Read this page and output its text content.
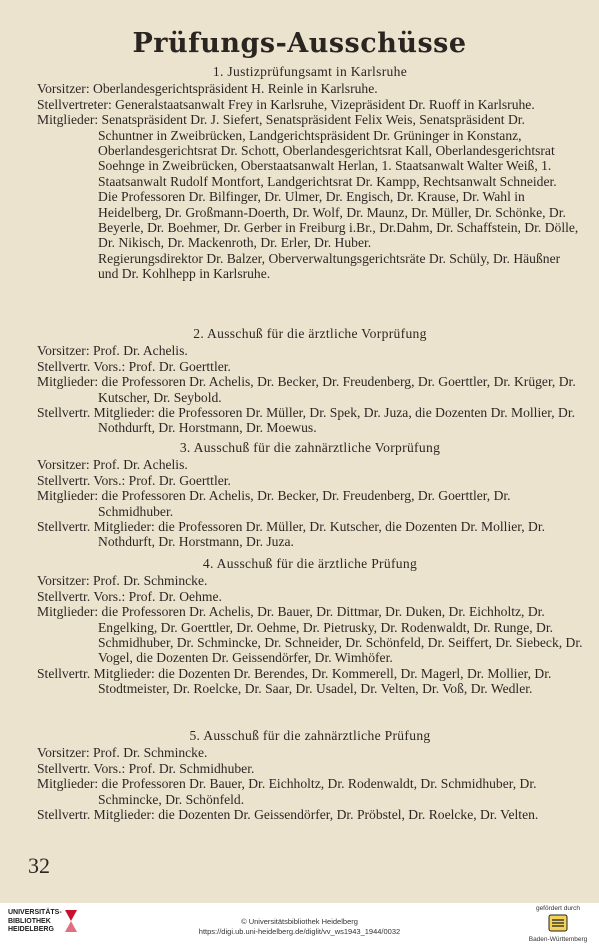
Prüfungs-Ausschüsse
1. Justizprüfungsamt in Karlsruhe

Vorsitzer: Oberlandesgerichtspräsident H. Reinle in Karlsruhe.

Stellvertreter: Generalstaatsanwalt Frey in Karlsruhe, Vizepräsident Dr. Ruoff in Karlsruhe.

Mitglieder: Senatspräsident Dr. J. Siefert, Senatspräsident Felix Weis, Senatspräsident Dr. Schuntner in Zweibrücken, Landgerichtspräsident Dr. Grüninger in Konstanz, Oberlandesgerichtsrat Dr. Schott, Oberlandesgerichtsrat Kall, Oberlandesgerichtsrat Soehnge in Zweibrücken, Oberstaatsanwalt Herlan, 1. Staatsanwalt Walter Weiß, 1. Staatsanwalt Rudolf Montfort, Landgerichtsrat Dr. Kampp, Rechtsanwalt Schneider.

Die Professoren Dr. Bilfinger, Dr. Ulmer, Dr. Engisch, Dr. Krause, Dr. Wahl in Heidelberg, Dr. Großmann-Doerth, Dr. Wolf, Dr. Maunz, Dr. Müller, Dr. Schönke, Dr. Beyerle, Dr. Boehmer, Dr. Gerber in Freiburg i.Br., Dr.Dahm, Dr. Schaffstein, Dr. Dölle, Dr. Nikisch, Dr. Mackenroth, Dr. Erler, Dr. Huber.

Regierungsdirektor Dr. Balzer, Oberverwaltungsgerichtsräte Dr. Schüly, Dr. Häußner und Dr. Kohlhepp in Karlsruhe.

2. Ausschuß für die ärztliche Vorprüfung

Vorsitzer: Prof. Dr. Achelis.

Stellvertr. Vors.: Prof. Dr. Goerttler.

Mitglieder: die Professoren Dr. Achelis, Dr. Becker, Dr. Freudenberg, Dr. Goerttler, Dr. Krüger, Dr. Kutscher, Dr. Seybold.

Stellvertr. Mitglieder: die Professoren Dr. Müller, Dr. Spek, Dr. Juza, die Dozenten Dr. Mollier, Dr. Nothdurft, Dr. Horstmann, Dr. Moewus.

3. Ausschuß für die zahnärztliche Vorprüfung

Vorsitzer: Prof. Dr. Achelis.

Stellvertr. Vors.: Prof. Dr. Goerttler.

Mitglieder: die Professoren Dr. Achelis, Dr. Becker, Dr. Freudenberg, Dr. Goerttler, Dr. Schmidhuber.

Stellvertr. Mitglieder: die Professoren Dr. Müller, Dr. Kutscher, die Dozenten Dr. Mollier, Dr. Nothdurft, Dr. Horstmann, Dr. Juza.

4. Ausschuß für die ärztliche Prüfung

Vorsitzer: Prof. Dr. Schmincke.

Stellvertr. Vors.: Prof. Dr. Oehme.

Mitglieder: die Professoren Dr. Achelis, Dr. Bauer, Dr. Dittmar, Dr. Duken, Dr. Eichholtz, Dr. Engelking, Dr. Goerttler, Dr. Oehme, Dr. Pietrusky, Dr. Rodenwaldt, Dr. Runge, Dr. Schmidhuber, Dr. Schmincke, Dr. Schneider, Dr. Schönfeld, Dr. Seiffert, Dr. Siebeck, Dr. Vogel, die Dozenten Dr. Geissendörfer, Dr. Wimhöfer.

Stellvertr. Mitglieder: die Dozenten Dr. Berendes, Dr. Kommerell, Dr. Magerl, Dr. Mollier, Dr. Stodtmeister, Dr. Roelcke, Dr. Saar, Dr. Usadel, Dr. Velten, Dr. Voß, Dr. Wedler.

5. Ausschuß für die zahnärztliche Prüfung

Vorsitzer: Prof. Dr. Schmincke.

Stellvertr. Vors.: Prof. Dr. Schmidhuber.

Mitglieder: die Professoren Dr. Bauer, Dr. Eichholtz, Dr. Rodenwaldt, Dr. Schmidhuber, Dr. Schmincke, Dr. Schönfeld.

Stellvertr. Mitglieder: die Dozenten Dr. Geissendörfer, Dr. Pröbstel, Dr. Roelcke, Dr. Velten.

32
UNIVERSITÄTS-
BIBLIOTHEK
HEIDELBERG
© Universitätsbibliothek Heidelberg
https://digi.ub.uni-heidelberg.de/diglit/vv_ws1943_1944/0032
gefördert durch
Baden-Württemberg
